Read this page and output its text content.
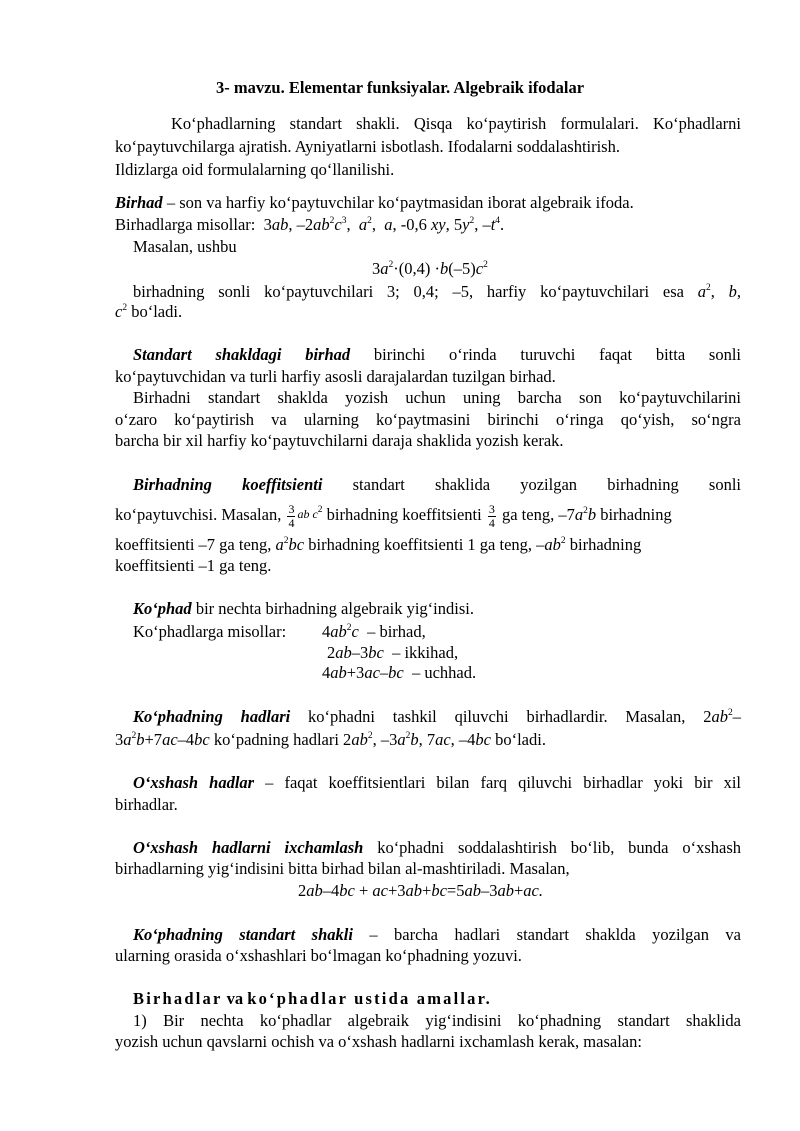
3- mavzu. Elementar funksiyalar. Algebraik ifodalar
Ko‘phadlarning standart shakli. Qisqa ko‘paytirish formulalari. Ko‘phadlarni
ko‘paytuvchilarga ajratish. Ayniyatlarni isbotlash. Ifodalarni soddalashtirish.
Ildizlarga oid formulalarning qo‘llanilishi.
Birhad – son va harfiy ko‘paytuvchilar ko‘paytmasidan iborat algebraik ifoda.
Birhadlarga misollar:  3ab, $-2ab^2c^3$,  $a^2$,  a, -0,6 xy, $5y^2$, $-t^4$.
Masalan, ushbu
$3a^2\cdot(0,4) \cdot b(-5)c^2$
birhadning sonli ko‘paytuvchilari 3; 0,4; –5, harfiy ko‘paytuvchilari esa $a^2$, b,
$c^2$ bo‘ladi.
Standart shakldagi birhad birinchi o‘rinda turuvchi faqat bitta sonli
ko‘paytuvchidan va turli harfiy asosli darajalardan tuzilgan birhad.
Birhadni standart shaklda yozish uchun uning barcha son ko‘paytuvchilarini
o‘zaro ko‘paytirish va ularning ko‘paytmasini birinchi o‘ringa qo‘yish, so‘ngra
barcha bir xil harfiy ko‘paytuvchilarni daraja shaklida yozish kerak.
Birhadning koeffitsienti standart shaklida yozilgan birhadning sonli
ko‘paytuvchisi. Masalan, $\frac{3}{4}$ ab $c^2$ birhadning koeffitsienti $\frac{3}{4}$ ga teng, $-7a^2b$ birhadning
koeffitsienti –7 ga teng, $a^2bc$ birhadning koeffitsienti 1 ga teng, $-ab^2$ birhadning
koeffitsienti –1 ga teng.
Ko‘phad bir nechta birhadning algebraik yig‘indisi.
Ko‘phadlarga misollar: $4ab^2c$  – birhad,
2ab–3bc  – ikkihad,
4ab+3ac–bc  – uchhad.
Ko‘phadning hadlari ko‘phadni tashkil qiluvchi birhadlardir. Masalan, $2ab^2-$
$3a^2b+7ac-4bc$ ko‘padning hadlari $2ab^2$, $-3a^2b$, 7ac, –4bc bo‘ladi.
O‘xshash hadlar – faqat koeffitsientlari bilan farq qiluvchi birhadlar yoki bir xil
birhadlar.
O‘xshash hadlarni ixchamlash ko‘phadni soddalashtirish bo‘lib, bunda o‘xshash
birhadlarning yig‘indisini bitta birhad bilan al-mashtiriladi. Masalan,
2ab–4bc + ac+3ab+bc=5ab–3ab+ac.
Ko‘phadning standart shakli – barcha hadlari standart shaklda yozilgan va
ularning orasida o‘xshashlari bo‘lmagan ko‘phadning yozuvi.
Birhadlar va ko‘phadlar ustida amallar.
1) Bir nechta ko‘phadlar algebraik yig‘indisini ko‘phadning standart shaklida
yozish uchun qavslarni ochish va o‘xshash hadlarni ixchamlash kerak, masalan:
